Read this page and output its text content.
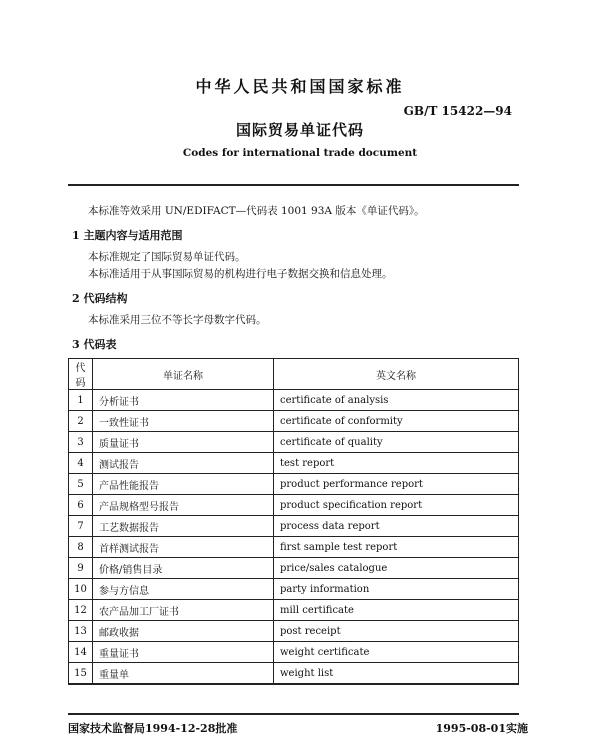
中华人民共和国国家标准
GB/T 15422—94
国际贸易单证代码
Codes for international trade document
本标准等效采用 UN/EDIFACT—代码表 1001 93A 版本《单证代码》。
1 主题内容与适用范围
本标准规定了国际贸易单证代码。
本标准适用于从事国际贸易的机构进行电子数据交换和信息处理。
2 代码结构
本标准采用三位不等长字母数字代码。
3 代码表
代码	单证名称	英文名称
1	分析证书	certificate of analysis
2	一致性证书	certificate of conformity
3	质量证书	certificate of quality
4	测试报告	test report
5	产品性能报告	product performance report
6	产品规格型号报告	product specification report
7	工艺数据报告	process data report
8	首样测试报告	first sample test report
9	价格/销售目录	price/sales catalogue
10	参与方信息	party information
12	农产品加工厂证书	mill certificate
13	邮政收据	post receipt
14	重量证书	weight certificate
15	重量单	weight list
国家技术监督局1994-12-28批准	1995-08-01实施
